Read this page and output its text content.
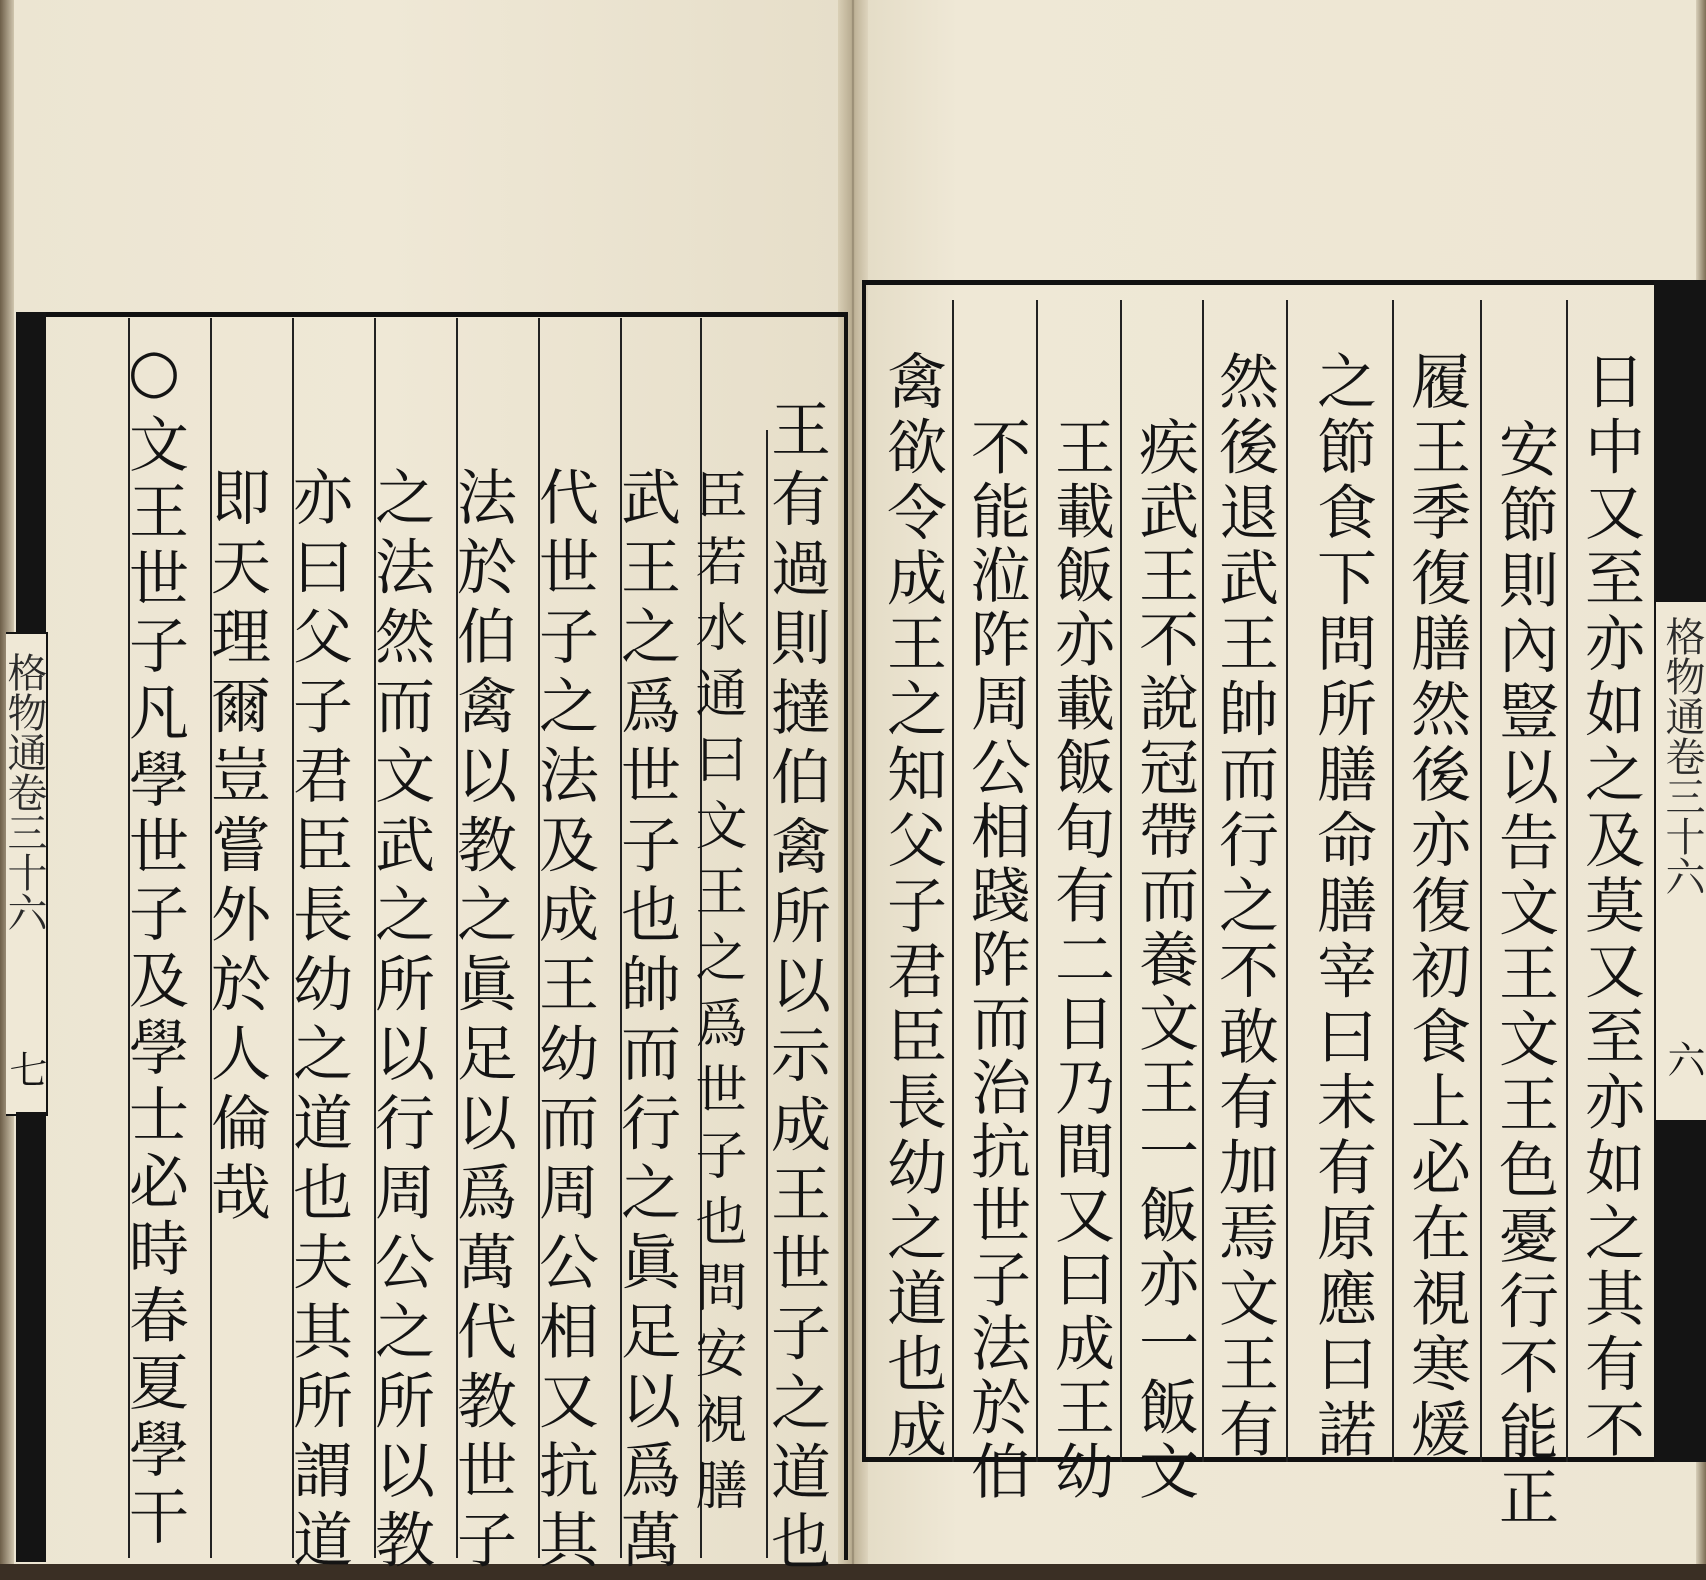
格物通卷三十六
七	王有過則撻伯禽所以示成王世子之道也
臣若水通曰文王之爲世子也問安視膳
武王之爲世子也帥而行之眞足以爲萬
代世子之法及成王幼而周公相又抗其
法於伯禽以教之眞足以爲萬代教世子
之法然而文武之所以行周公之所以教
亦曰父子君臣長幼之道也夫其所謂道
即天理爾豈嘗外於人倫哉
○文王世子凡學世子及學士必時春夏學干	格物通卷三十六
六
日中又至亦如之及莫又至亦如之其有不
安節則內豎以告文王文王色憂行不能正
履王季復膳然後亦復初食上必在視寒煖
之節食下問所膳命膳宰曰末有原應曰諾
然後退武王帥而行之不敢有加焉文王有
疾武王不說冠帶而養文王一飯亦一飯文
王載飯亦載飯旬有二日乃間又曰成王幼
不能涖阼周公相踐阼而治抗世子法於伯
禽欲令成王之知父子君臣長幼之道也成
